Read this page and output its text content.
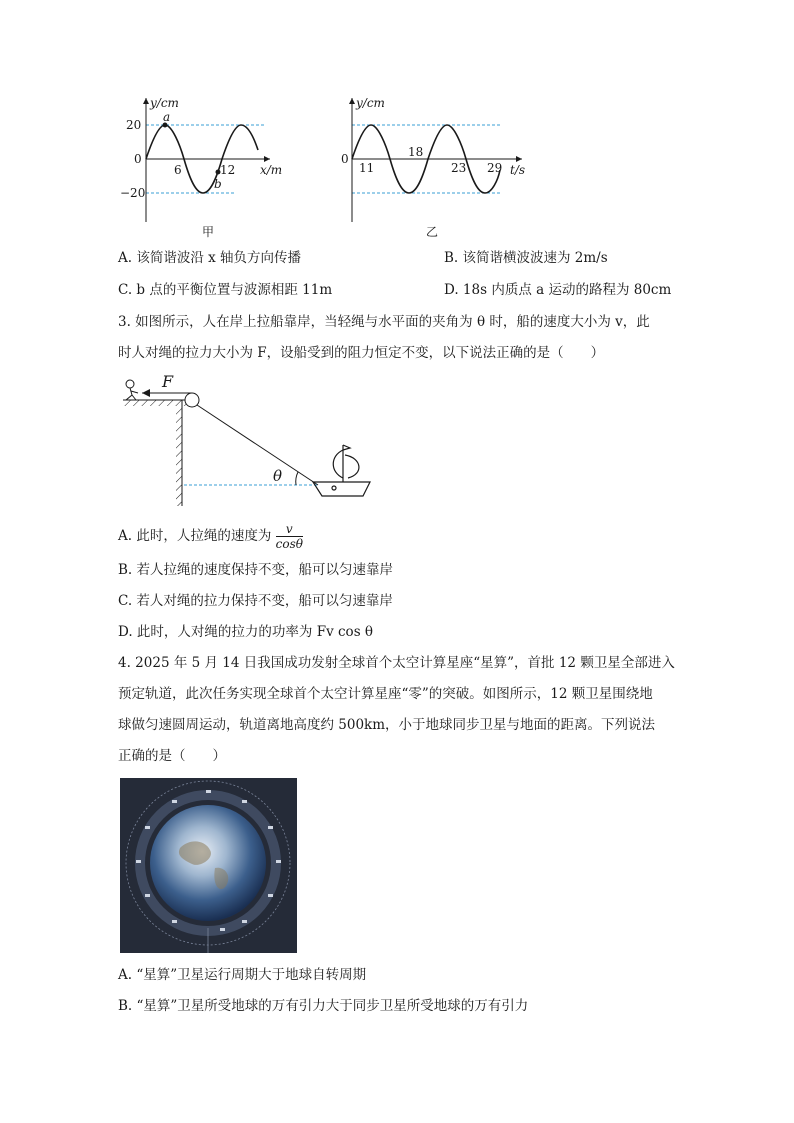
y/cm
20
0
−20
a
b
6	12 x/m
甲
y/cm
0
11
18
23 29 t/s
乙
A. 该简谐波沿 x 轴负方向传播	B. 该简谐横波波速为 2m/s
C. b 点的平衡位置与波源相距 11m	D. 18s 内质点 a 运动的路程为 80cm
3. 如图所示，人在岸上拉船靠岸，当轻绳与水平面的夹角为 θ 时，船的速度大小为 v，此
时人对绳的拉力大小为 F，设船受到的阻力恒定不变，以下说法正确的是（　　）
F
θ
A. 此时，人拉绳的速度为 $\frac{v}{\cos\theta}$
B. 若人拉绳的速度保持不变，船可以匀速靠岸
C. 若人对绳的拉力保持不变，船可以匀速靠岸
D. 此时，人对绳的拉力的功率为 Fv cos θ
4. 2025 年 5 月 14 日我国成功发射全球首个太空计算星座“星算”，首批 12 颗卫星全部进入
预定轨道，此次任务实现全球首个太空计算星座“零”的突破。如图所示，12 颗卫星围绕地
球做匀速圆周运动，轨道离地高度约 500km，小于地球同步卫星与地面的距离。下列说法
正确的是（　　）
A. “星算”卫星运行周期大于地球自转周期
B. “星算”卫星所受地球的万有引力大于同步卫星所受地球的万有引力
